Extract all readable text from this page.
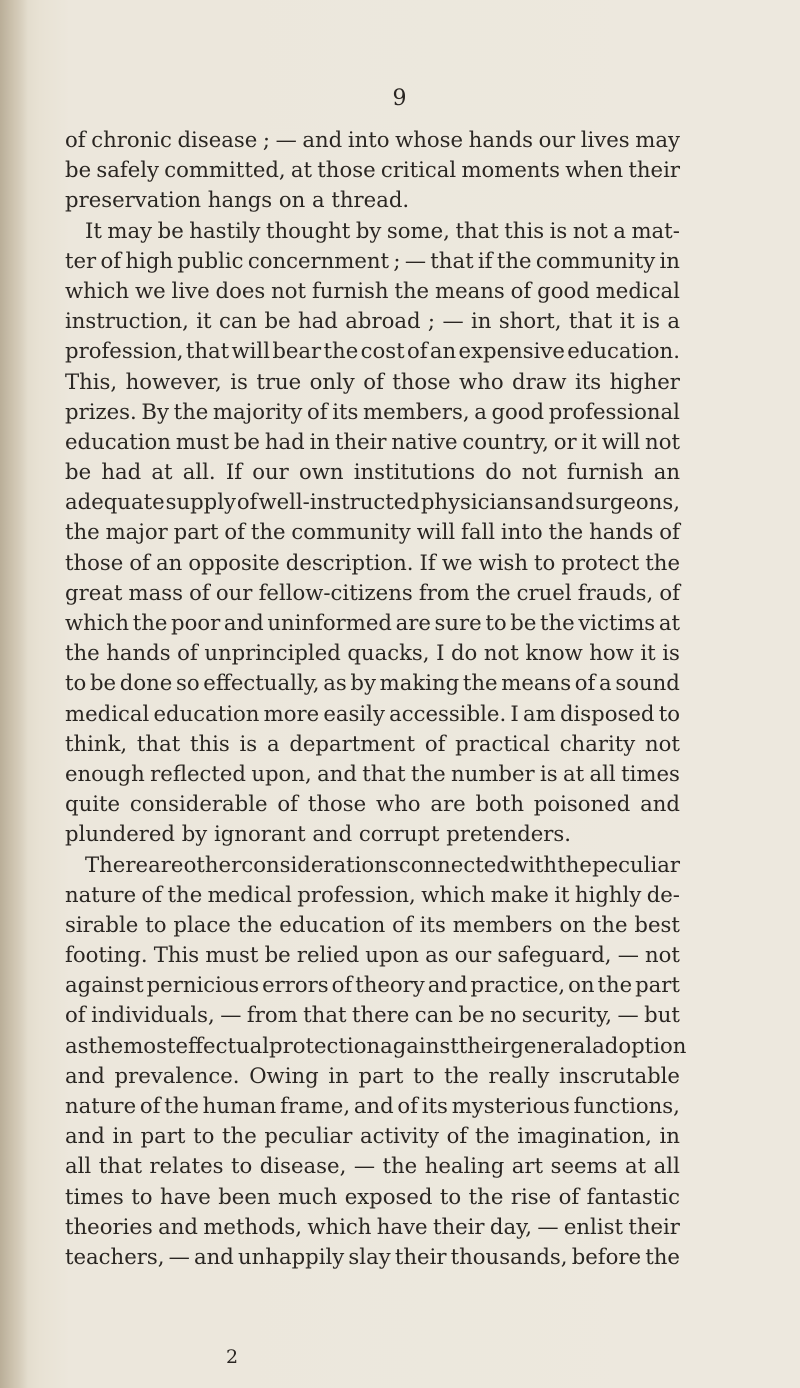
9
of chronic disease ; — and into whose hands our lives may
be safely committed, at those critical moments when their
preservation hangs on a thread.
It may be hastily thought by some, that this is not a mat-
ter of high public concernment ; — that if the community in
which we live does not furnish the means of good medical
instruction, it can be had abroad ; — in short, that it is a
profession, that will bear the cost of an expensive education.
This, however, is true only of those who draw its higher
prizes. By the majority of its members, a good professional
education must be had in their native country, or it will not
be had at all. If our own institutions do not furnish an
adequate supply of well-instructed physicians and surgeons,
the major part of the community will fall into the hands of
those of an opposite description. If we wish to protect the
great mass of our fellow-citizens from the cruel frauds, of
which the poor and uninformed are sure to be the victims at
the hands of unprincipled quacks, I do not know how it is
to be done so effectually, as by making the means of a sound
medical education more easily accessible. I am disposed to
think, that this is a department of practical charity not
enough reflected upon, and that the number is at all times
quite considerable of those who are both poisoned and
plundered by ignorant and corrupt pretenders.
There are other considerations connected with the peculiar
nature of the medical profession, which make it highly de-
sirable to place the education of its members on the best
footing. This must be relied upon as our safeguard, — not
against pernicious errors of theory and practice, on the part
of individuals, — from that there can be no security, — but
as the most effectual protection against their general adoption
and prevalence. Owing in part to the really inscrutable
nature of the human frame, and of its mysterious functions,
and in part to the peculiar activity of the imagination, in
all that relates to disease, — the healing art seems at all
times to have been much exposed to the rise of fantastic
theories and methods, which have their day, — enlist their
teachers, — and unhappily slay their thousands, before the
2
